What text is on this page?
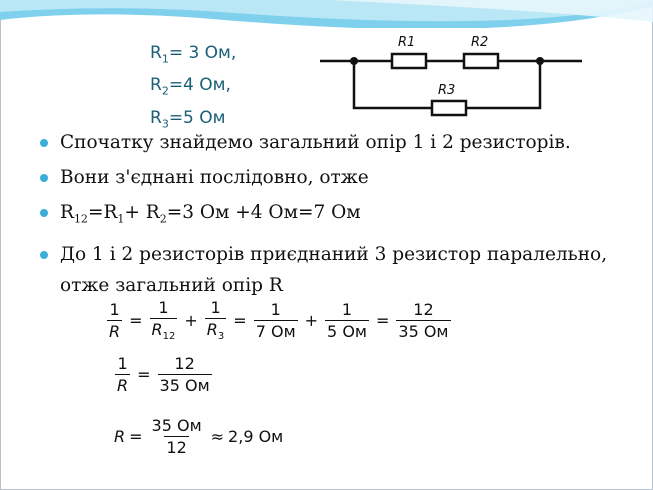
$R_1= 3$ Ом,
$R_2=4$ Ом,
$R_3=5$ Ом
R1	R2
R3
Спочатку знайдемо загальний опір 1 і 2 резисторів.
Вони з'єднані послідовно, отже
$R_{12}=R_1+ R_2=3$ Ом +4 Ом=7 Ом
До 1 і 2 резисторів приєднаний 3 резистор паралельно, отже загальний опір R
$\frac{1}{R} = \frac{1}{R_{12}} + \frac{1}{R_3} = \frac{1}{7 Ом} + \frac{1}{5 Ом} = \frac{12}{35 Ом}$
$\frac{1}{R} = \frac{12}{35 Ом}$
$R = \frac{35 Ом}{12} \approx 2,9$ Ом
